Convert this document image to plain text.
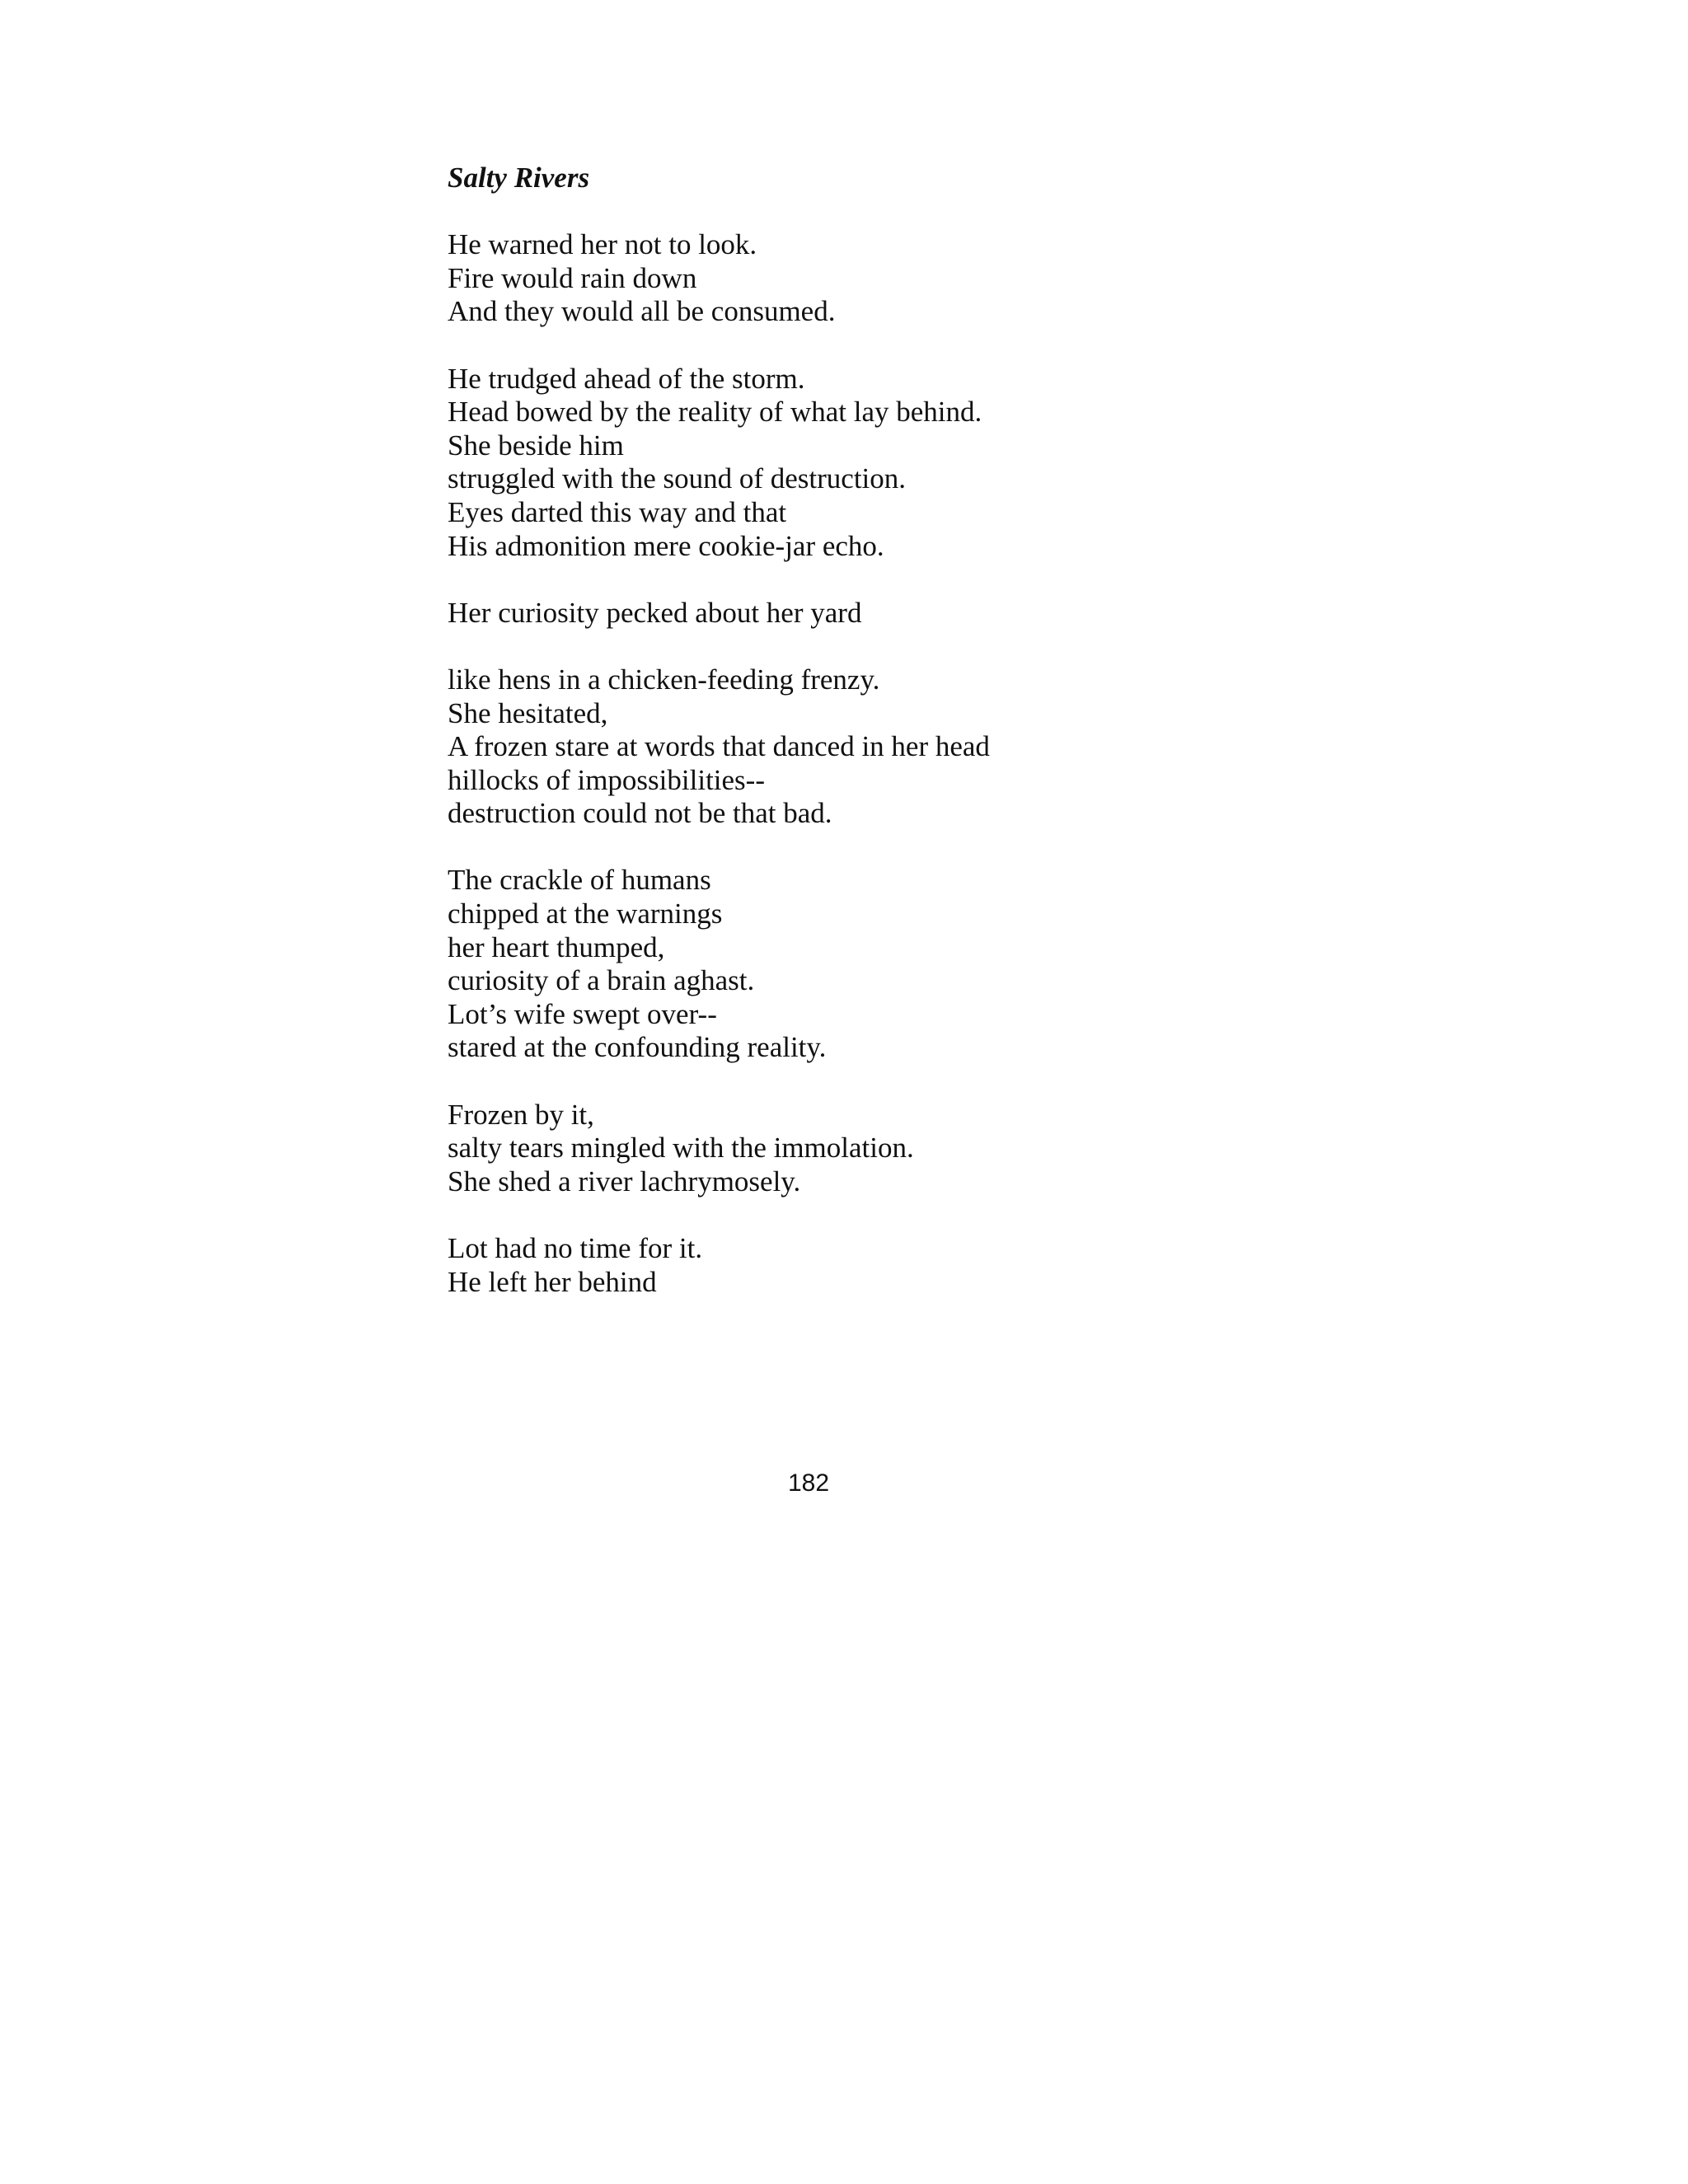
Salty Rivers
He warned her not to look.
Fire would rain down
And they would all be consumed.
He trudged ahead of the storm.
Head bowed by the reality of what lay behind.
She beside him
struggled with the sound of destruction.
Eyes darted this way and that
His admonition mere cookie-jar echo.
Her curiosity pecked about her yard
like hens in a chicken-feeding frenzy.
She hesitated,
A frozen stare at words that danced in her head
hillocks of impossibilities--
destruction could not be that bad.
The crackle of humans
chipped at the warnings
her heart thumped,
curiosity of a brain aghast.
Lot’s wife swept over--
stared at the confounding reality.
Frozen by it,
salty tears mingled with the immolation.
She shed a river lachrymosely.
Lot had no time for it.
He left her behind
182
